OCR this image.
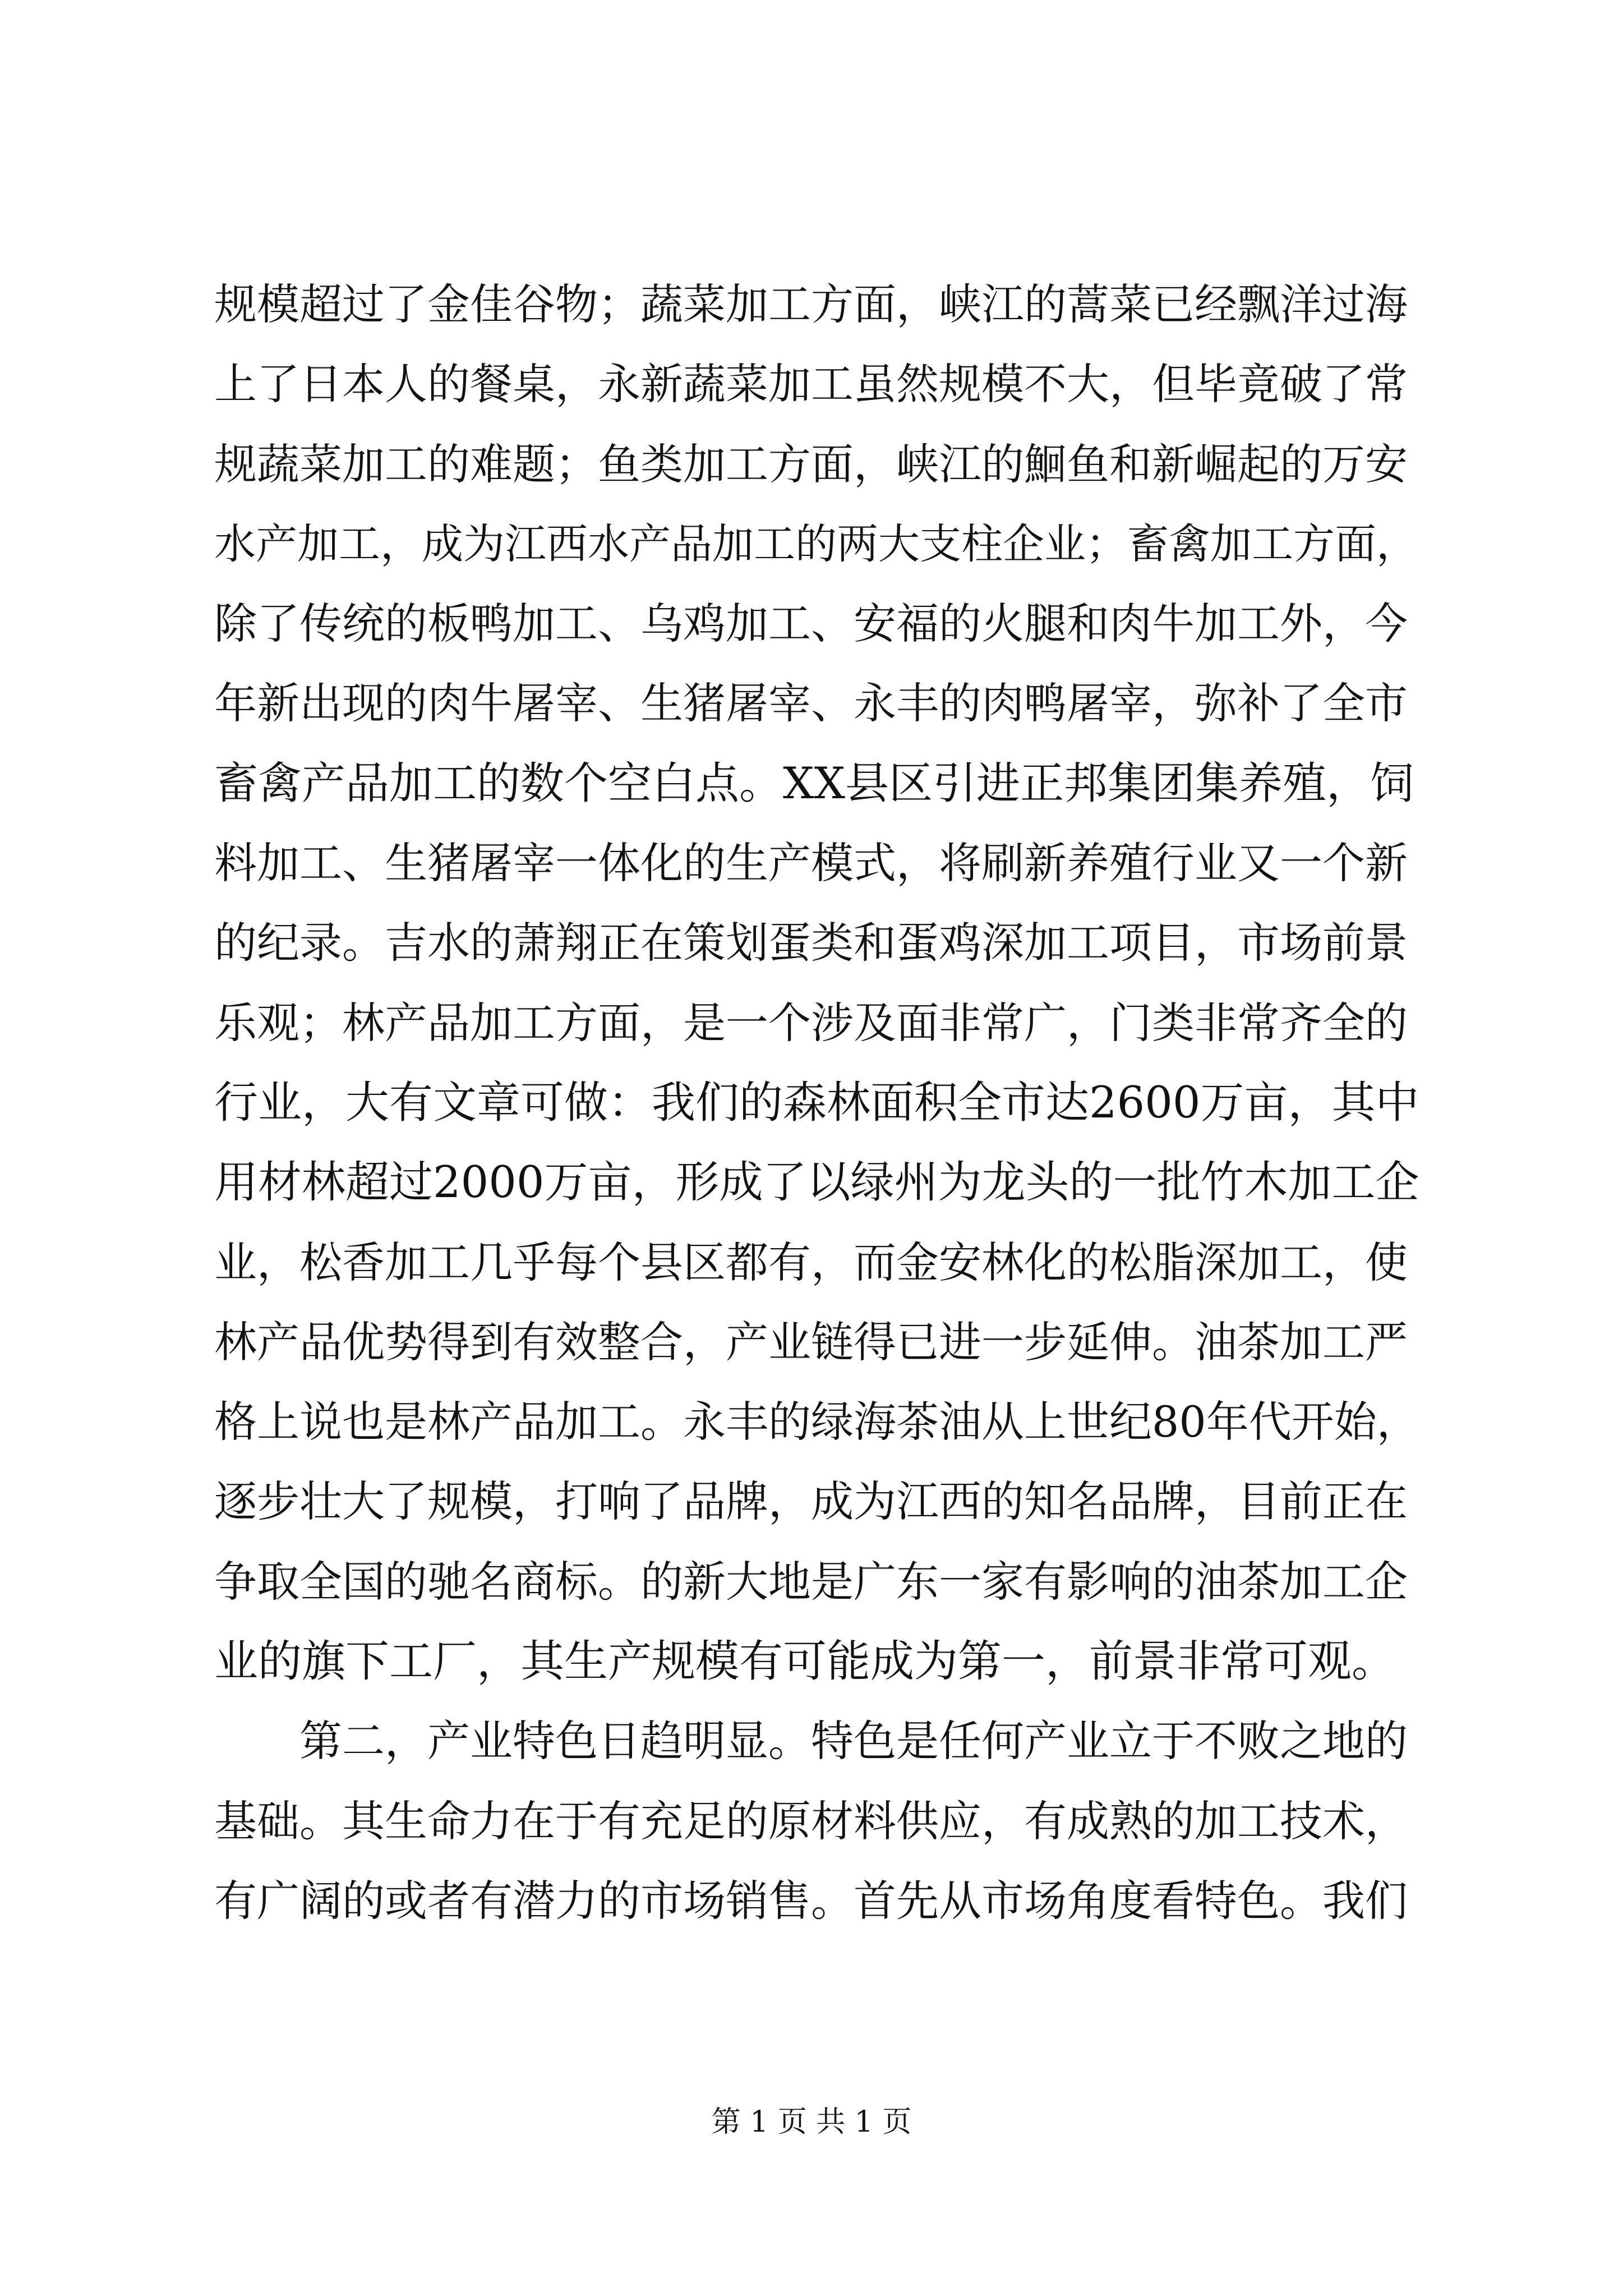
规模超过了金佳谷物；蔬菜加工方面，峡江的蒿菜已经飘洋过海
上了日本人的餐桌，永新蔬菜加工虽然规模不大，但毕竟破了常
规蔬菜加工的难题；鱼类加工方面，峡江的鮰鱼和新崛起的万安
水产加工，成为江西水产品加工的两大支柱企业；畜禽加工方面，
除了传统的板鸭加工、乌鸡加工、安福的火腿和肉牛加工外，今
年新出现的肉牛屠宰、生猪屠宰、永丰的肉鸭屠宰，弥补了全市
畜禽产品加工的数个空白点。XX县区引进正邦集团集养殖，饲
料加工、生猪屠宰一体化的生产模式，将刷新养殖行业又一个新
的纪录。吉水的萧翔正在策划蛋类和蛋鸡深加工项目，市场前景
乐观；林产品加工方面，是一个涉及面非常广，门类非常齐全的
行业，大有文章可做：我们的森林面积全市达2600万亩，其中
用材林超过2000万亩，形成了以绿州为龙头的一批竹木加工企
业，松香加工几乎每个县区都有，而金安林化的松脂深加工，使
林产品优势得到有效整合，产业链得已进一步延伸。油茶加工严
格上说也是林产品加工。永丰的绿海茶油从上世纪80年代开始，
逐步壮大了规模，打响了品牌，成为江西的知名品牌，目前正在
争取全国的驰名商标。的新大地是广东一家有影响的油茶加工企
业的旗下工厂，其生产规模有可能成为第一，前景非常可观。
　　第二，产业特色日趋明显。特色是任何产业立于不败之地的
基础。其生命力在于有充足的原材料供应，有成熟的加工技术，
有广阔的或者有潜力的市场销售。首先从市场角度看特色。我们
第 1 页 共 1 页
